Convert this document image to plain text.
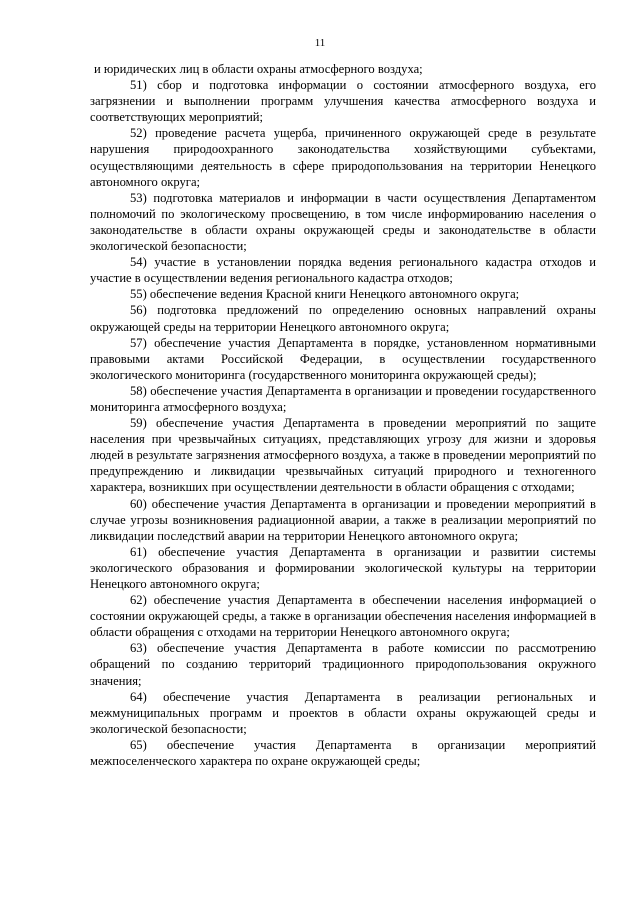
11

и юридических лиц в области охраны атмосферного воздуха;

51) сбор и подготовка информации о состоянии атмосферного воздуха, его загрязнении и выполнении программ улучшения качества атмосферного воздуха и соответствующих мероприятий;

52) проведение расчета ущерба, причиненного окружающей среде в результате нарушения природоохранного законодательства хозяйствующими субъектами, осуществляющими деятельность в сфере природопользования на территории Ненецкого автономного округа;

53) подготовка материалов и информации в части осуществления Департаментом полномочий по экологическому просвещению, в том числе информированию населения о законодательстве в области охраны окружающей среды и законодательстве в области экологической безопасности;

54) участие в установлении порядка ведения регионального кадастра отходов и участие в осуществлении ведения регионального кадастра отходов;

55) обеспечение ведения Красной книги Ненецкого автономного округа;

56) подготовка предложений по определению основных направлений охраны окружающей среды на территории Ненецкого автономного округа;

57) обеспечение участия Департамента в порядке, установленном нормативными правовыми актами Российской Федерации, в осуществлении государственного экологического мониторинга (государственного мониторинга окружающей среды);

58) обеспечение участия Департамента в организации и проведении государственного мониторинга атмосферного воздуха;

59) обеспечение участия Департамента в проведении мероприятий по защите населения при чрезвычайных ситуациях, представляющих угрозу для жизни и здоровья людей в результате загрязнения атмосферного воздуха, а также в проведении мероприятий по предупреждению и ликвидации чрезвычайных ситуаций природного и техногенного характера, возникших при осуществлении деятельности в области обращения с отходами;

60) обеспечение участия Департамента в организации и проведении мероприятий в случае угрозы возникновения радиационной аварии, а также в реализации мероприятий по ликвидации последствий аварии на территории Ненецкого автономного округа;

61) обеспечение участия Департамента в организации и развитии системы экологического образования и формировании экологической культуры на территории Ненецкого автономного округа;

62) обеспечение участия Департамента в обеспечении населения информацией о состоянии окружающей среды, а также в организации обеспечения населения информацией в области обращения с отходами на территории Ненецкого автономного округа;

63) обеспечение участия Департамента в работе комиссии по рассмотрению обращений по созданию территорий традиционного природопользования окружного значения;

64) обеспечение участия Департамента в реализации региональных и межмуниципальных программ и проектов в области охраны окружающей среды и экологической безопасности;

65) обеспечение участия Департамента в организации мероприятий межпоселенческого характера по охране окружающей среды;
